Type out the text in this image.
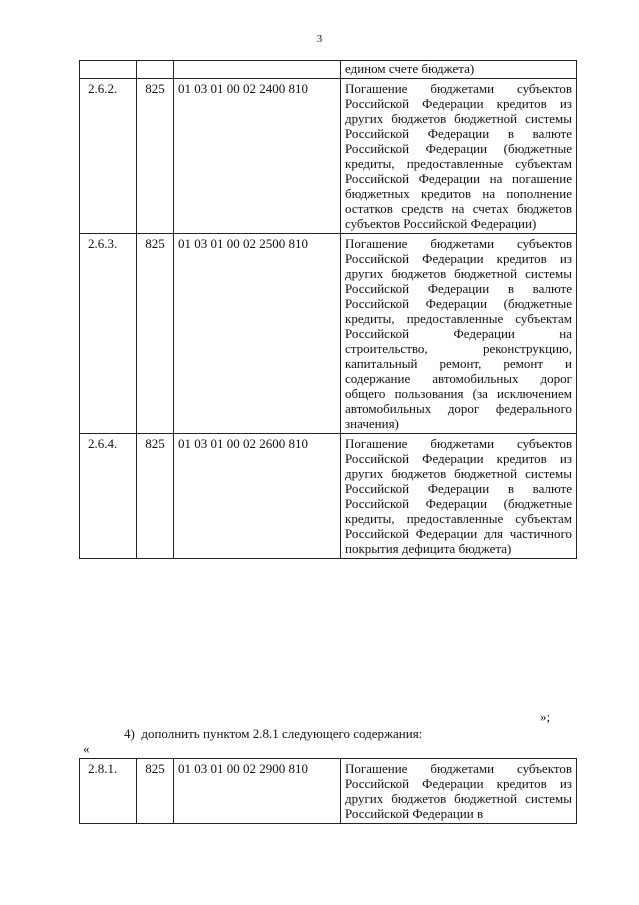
3
			едином счете бюджета)
2.6.2.	825	01 03 01 00 02 2400 810	Погашение бюджетами субъектов Российской Федерации кредитов из других бюджетов бюджетной системы Российской Федерации в валюте Российской Федерации (бюджетные кредиты, предоставленные субъектам Российской Федерации на погашение бюджетных кредитов на пополнение остатков средств на счетах бюджетов субъектов Российской Федерации)
2.6.3.	825	01 03 01 00 02 2500 810	Погашение бюджетами субъектов Российской Федерации кредитов из других бюджетов бюджетной системы Российской Федерации в валюте Российской Федерации (бюджетные кредиты, предоставленные субъектам Российской Федерации на строительство, реконструкцию, капитальный ремонт, ремонт и содержание автомобильных дорог общего пользования (за исключением автомобильных дорог федерального значения)
2.6.4.	825	01 03 01 00 02 2600 810	Погашение бюджетами субъектов Российской Федерации кредитов из других бюджетов бюджетной системы Российской Федерации в валюте Российской Федерации (бюджетные кредиты, предоставленные субъектам Российской Федерации для частичного покрытия дефицита бюджета)
»;
4)  дополнить пунктом 2.8.1 следующего содержания:
«
2.8.1.	825	01 03 01 00 02 2900 810	Погашение бюджетами субъектов Российской Федерации кредитов из других бюджетов бюджетной системы Российской Федерации в
